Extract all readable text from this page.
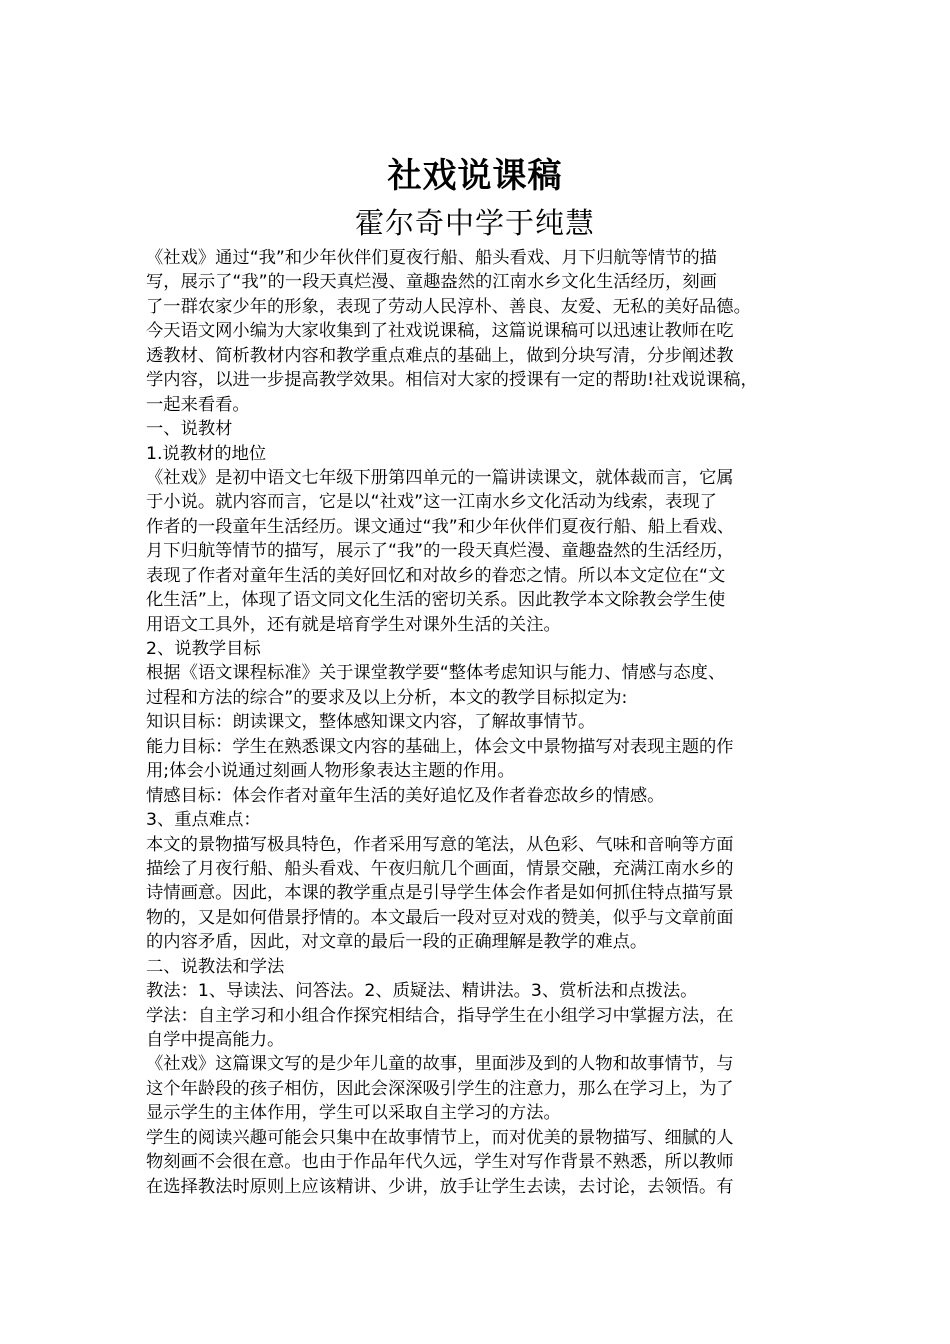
社戏说课稿
霍尔奇中学于纯慧
《社戏》通过“我”和少年伙伴们夏夜行船、船头看戏、月下归航等情节的描
写，展示了“我”的一段天真烂漫、童趣盎然的江南水乡文化生活经历，刻画
了一群农家少年的形象，表现了劳动人民淳朴、善良、友爱、无私的美好品德。
今天语文网小编为大家收集到了社戏说课稿，这篇说课稿可以迅速让教师在吃
透教材、简析教材内容和教学重点难点的基础上，做到分块写清，分步阐述教
学内容，以进一步提高教学效果。相信对大家的授课有一定的帮助!社戏说课稿，
一起来看看。
一、说教材
1.说教材的地位
《社戏》是初中语文七年级下册第四单元的一篇讲读课文，就体裁而言，它属
于小说。就内容而言，它是以“社戏”这一江南水乡文化活动为线索，表现了
作者的一段童年生活经历。课文通过“我”和少年伙伴们夏夜行船、船上看戏、
月下归航等情节的描写，展示了“我”的一段天真烂漫、童趣盎然的生活经历，
表现了作者对童年生活的美好回忆和对故乡的眷恋之情。所以本文定位在“文
化生活”上，体现了语文同文化生活的密切关系。因此教学本文除教会学生使
用语文工具外，还有就是培育学生对课外生活的关注。
2、说教学目标
根据《语文课程标准》关于课堂教学要“整体考虑知识与能力、情感与态度、
过程和方法的综合”的要求及以上分析，本文的教学目标拟定为:
知识目标：朗读课文，整体感知课文内容，了解故事情节。
能力目标：学生在熟悉课文内容的基础上，体会文中景物描写对表现主题的作
用;体会小说通过刻画人物形象表达主题的作用。
情感目标：体会作者对童年生活的美好追忆及作者眷恋故乡的情感。
3、重点难点：
本文的景物描写极具特色，作者采用写意的笔法，从色彩、气味和音响等方面
描绘了月夜行船、船头看戏、午夜归航几个画面，情景交融，充满江南水乡的
诗情画意。因此，本课的教学重点是引导学生体会作者是如何抓住特点描写景
物的，又是如何借景抒情的。本文最后一段对豆对戏的赞美，似乎与文章前面
的内容矛盾，因此，对文章的最后一段的正确理解是教学的难点。
二、说教法和学法
教法：1、导读法、问答法。2、质疑法、精讲法。3、赏析法和点拨法。
学法：自主学习和小组合作探究相结合，指导学生在小组学习中掌握方法，在
自学中提高能力。
《社戏》这篇课文写的是少年儿童的故事，里面涉及到的人物和故事情节，与
这个年龄段的孩子相仿，因此会深深吸引学生的注意力，那么在学习上，为了
显示学生的主体作用，学生可以采取自主学习的方法。
学生的阅读兴趣可能会只集中在故事情节上，而对优美的景物描写、细腻的人
物刻画不会很在意。也由于作品年代久远，学生对写作背景不熟悉，所以教师
在选择教法时原则上应该精讲、少讲，放手让学生去读，去讨论，去领悟。有
